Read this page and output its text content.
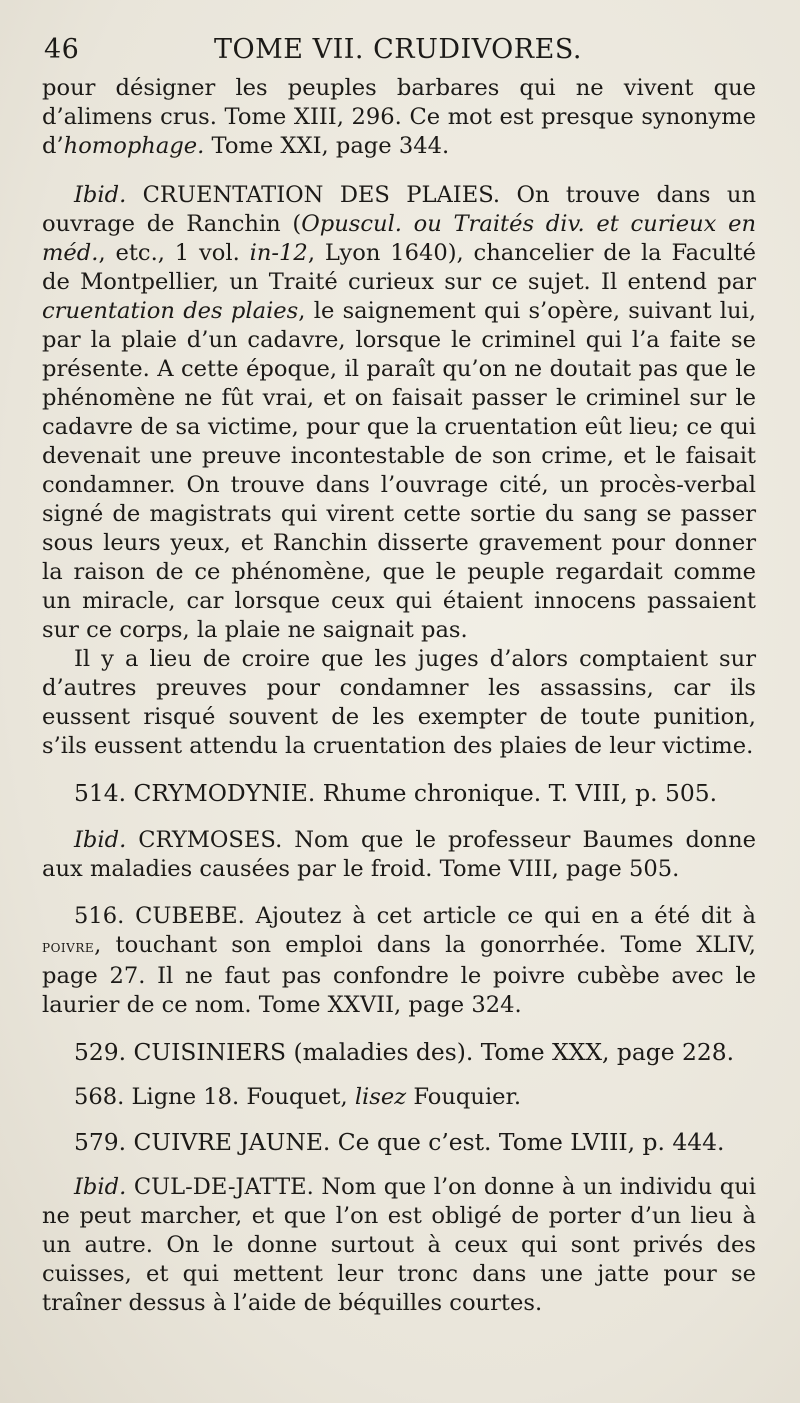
46	TOME VII. CRUDIVORES.

pour désigner les peuples barbares qui ne vivent que d’alimens crus. Tome XIII, 296. Ce mot est presque synonyme d’homophage. Tome XXI, page 344.

Ibid. CRUENTATION DES PLAIES. On trouve dans un ouvrage de Ranchin (Opuscul. ou Traités div. et curieux en méd., etc., 1 vol. in-12, Lyon 1640), chancelier de la Faculté de Montpellier, un Traité curieux sur ce sujet. Il entend par cruentation des plaies, le saignement qui s’opère, suivant lui, par la plaie d’un cadavre, lorsque le criminel qui l’a faite se présente. A cette époque, il paraît qu’on ne doutait pas que le phénomène ne fût vrai, et on faisait passer le criminel sur le cadavre de sa victime, pour que la cruentation eût lieu; ce qui devenait une preuve incontestable de son crime, et le faisait condamner. On trouve dans l’ouvrage cité, un procès-verbal signé de magistrats qui virent cette sortie du sang se passer sous leurs yeux, et Ranchin disserte gravement pour donner la raison de ce phénomène, que le peuple regardait comme un miracle, car lorsque ceux qui étaient innocens passaient sur ce corps, la plaie ne saignait pas.

Il y a lieu de croire que les juges d’alors comptaient sur d’autres preuves pour condamner les assassins, car ils eussent risqué souvent de les exempter de toute punition, s’ils eussent attendu la cruentation des plaies de leur victime.

514. CRYMODYNIE. Rhume chronique. T. VIII, p. 505.

Ibid. CRYMOSES. Nom que le professeur Baumes donne aux maladies causées par le froid. Tome VIII, page 505.

516. CUBEBE. Ajoutez à cet article ce qui en a été dit à poivre, touchant son emploi dans la gonorrhée. Tome XLIV, page 27. Il ne faut pas confondre le poivre cubèbe avec le laurier de ce nom. Tome XXVII, page 324.

529. CUISINIERS (maladies des). Tome XXX, page 228.

568. Ligne 18. Fouquet, lisez Fouquier.

579. CUIVRE JAUNE. Ce que c’est. Tome LVIII, p. 444.

Ibid. CUL-DE-JATTE. Nom que l’on donne à un individu qui ne peut marcher, et que l’on est obligé de porter d’un lieu à un autre. On le donne surtout à ceux qui sont privés des cuisses, et qui mettent leur tronc dans une jatte pour se traîner dessus à l’aide de béquilles courtes.
